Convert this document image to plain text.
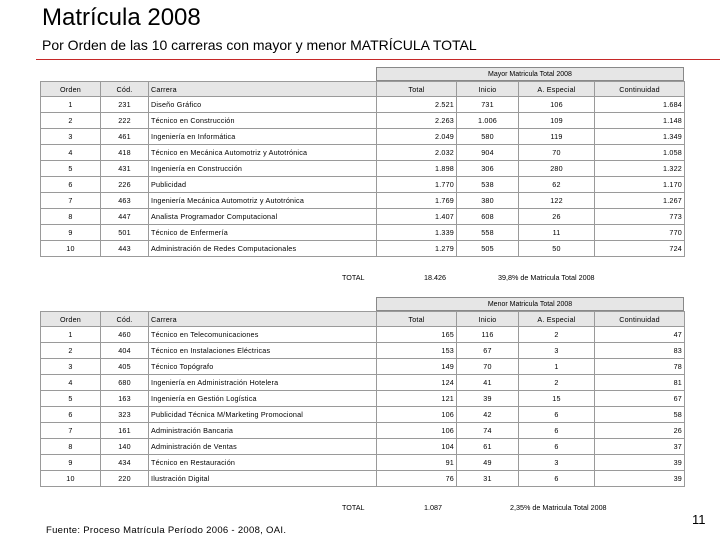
Matrícula 2008
Por Orden de las 10 carreras con mayor y menor MATRÍCULA TOTAL
Mayor Matricula Total 2008
Orden	Cód.	Carrera	Total	Inicio	A. Especial	Continuidad
1	231	Diseño Gráfico	2.521	731	106	1.684
2	222	Técnico en Construcción	2.263	1.006	109	1.148
3	461	Ingeniería en Informática	2.049	580	119	1.349
4	418	Técnico en Mecánica Automotriz y Autotrónica	2.032	904	70	1.058
5	431	Ingeniería en Construcción	1.898	306	280	1.322
6	226	Publicidad	1.770	538	62	1.170
7	463	Ingeniería Mecánica Automotriz y Autotrónica	1.769	380	122	1.267
8	447	Analista Programador Computacional	1.407	608	26	773
9	501	Técnico de Enfermería	1.339	558	11	770
10	443	Administración de Redes Computacionales	1.279	505	50	724
TOTAL	18.426	39,8% de Matricula Total 2008
Menor Matricula Total 2008
Orden	Cód.	Carrera	Total	Inicio	A. Especial	Continuidad
1	460	Técnico en Telecomunicaciones	165	116	2	47
2	404	Técnico en Instalaciones Eléctricas	153	67	3	83
3	405	Técnico Topógrafo	149	70	1	78
4	680	Ingeniería en Administración Hotelera	124	41	2	81
5	163	Ingeniería en Gestión Logística	121	39	15	67
6	323	Publicidad Técnica M/Marketing Promocional	106	42	6	58
7	161	Administración Bancaria	106	74	6	26
8	140	Administración de Ventas	104	61	6	37
9	434	Técnico en Restauración	91	49	3	39
10	220	Ilustración Digital	76	31	6	39
TOTAL	1.087	2,35% de Matricula Total 2008
Fuente: Proceso Matrícula Período 2006 - 2008, OAI.
11
